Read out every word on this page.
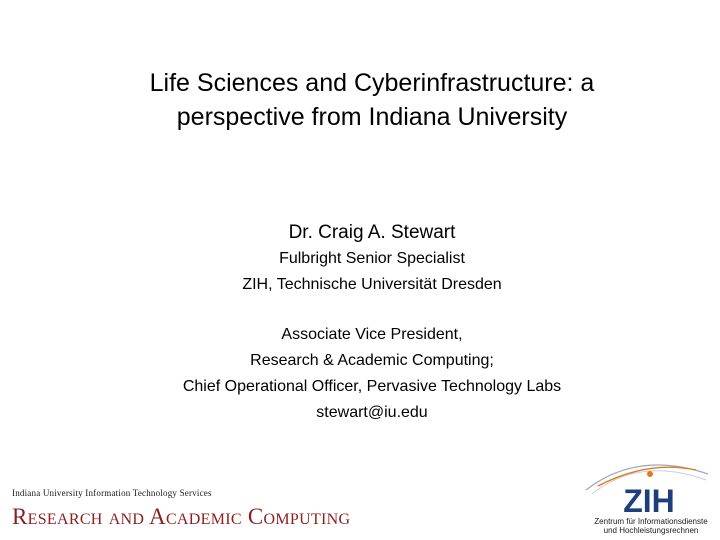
Life Sciences and Cyberinfrastructure: a
perspective from Indiana University
Dr. Craig A. Stewart
Fulbright Senior Specialist
ZIH, Technische Universität Dresden
Associate Vice President,
Research & Academic Computing;
Chief Operational Officer, Pervasive Technology Labs
stewart@iu.edu
Indiana University Information Technology Services
Research and Academic Computing	ZIH
Zentrum für Informationsdienste
und Hochleistungsrechnen
